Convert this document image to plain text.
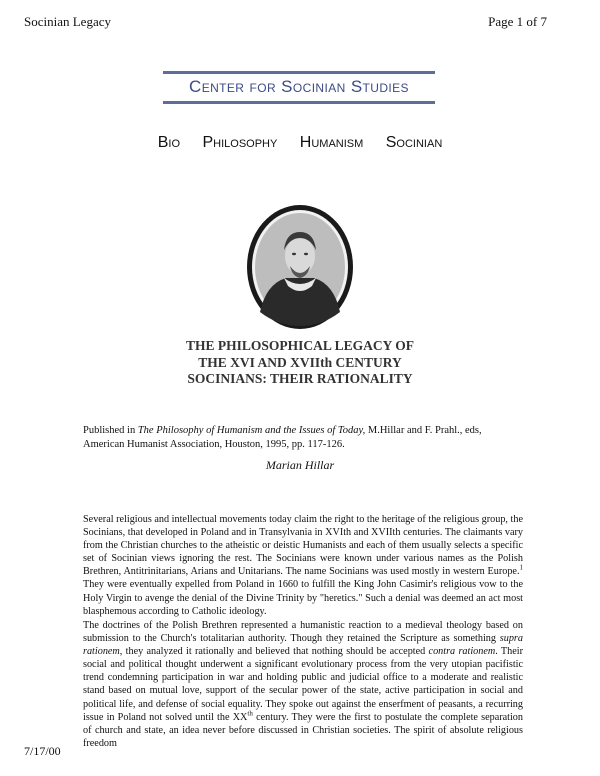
Socinian Legacy	Page 1 of 7
Center for Socinian Studies
Bio Philosophy Humanism Socinian
THE PHILOSOPHICAL LEGACY OF
THE XVI AND XVIIth CENTURY
SOCINIANS: THEIR RATIONALITY
Published in The Philosophy of Humanism and the Issues of Today, M.Hillar and F. Prahl., eds, American Humanist Association, Houston, 1995, pp. 117-126.
Marian Hillar

Several religious and intellectual movements today claim the right to the heritage of the religious group, the Socinians, that developed in Poland and in Transylvania in XVIth and XVIIth centuries. The claimants vary from the Christian churches to the atheistic or deistic Humanists and each of them usually selects a specific set of Socinian views ignoring the rest. The Socinians were known under various names as the Polish Brethren, Antitrinitarians, Arians and Unitarians. The name Socinians was used mostly in western Europe.$^1$ They were eventually expelled from Poland in 1660 to fulfill the King John Casimir's religious vow to the Holy Virgin to avenge the denial of the Divine Trinity by "heretics." Such a denial was deemed an act most blasphemous according to Catholic ideology.

The doctrines of the Polish Brethren represented a humanistic reaction to a medieval theology based on submission to the Church's totalitarian authority. Though they retained the Scripture as something supra rationem, they analyzed it rationally and believed that nothing should be accepted contra rationem. Their social and political thought underwent a significant evolutionary process from the very utopian pacifistic trend condemning participation in war and holding public and judicial office to a moderate and realistic stand based on mutual love, support of the secular power of the state, active participation in social and political life, and defense of social equality. They spoke out against the enserfment of peasants, a recurring issue in Poland not solved until the XXth century. They were the first to postulate the complete separation of church and state, an idea never before discussed in Christian societies. The spirit of absolute religious freedom

7/17/00
